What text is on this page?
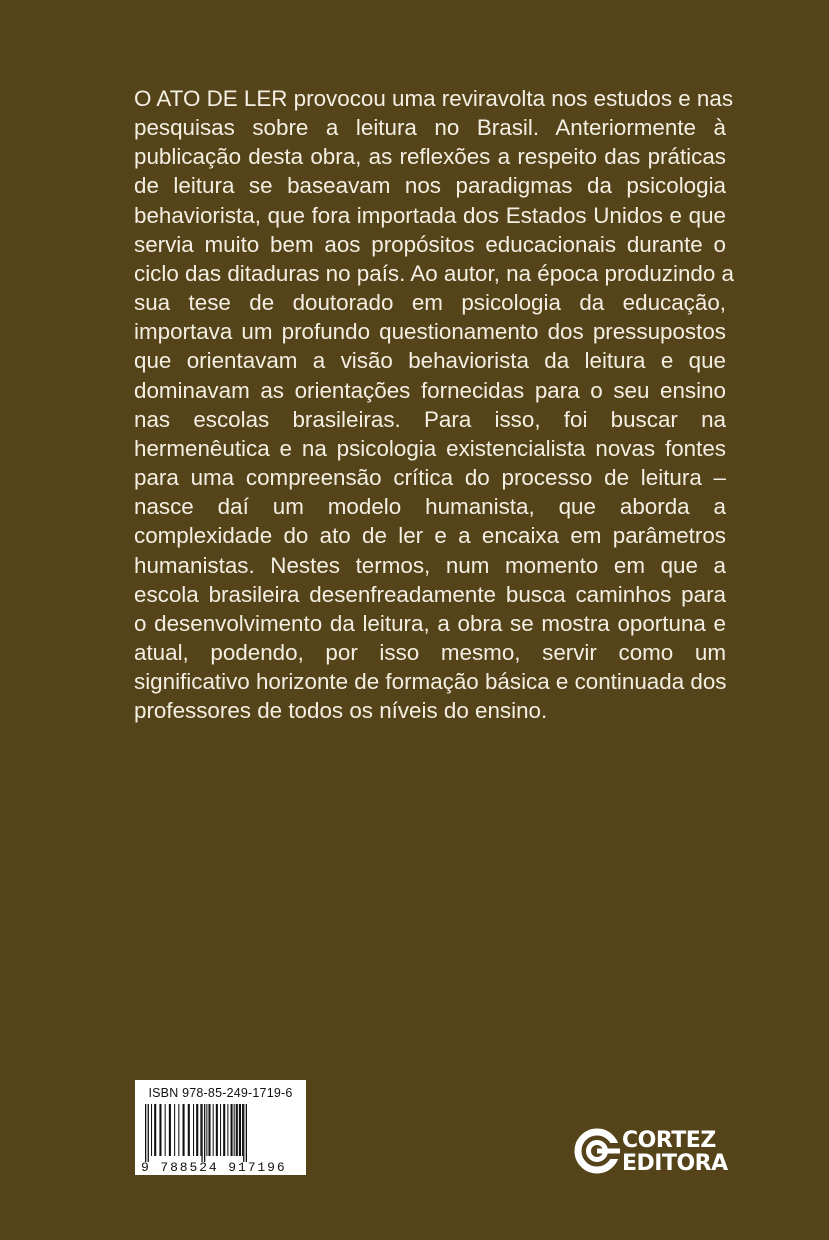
O ATO DE LER provocou uma reviravolta nos estudos e nas
pesquisas sobre a leitura no Brasil. Anteriormente à
publicação desta obra, as reflexões a respeito das práticas
de leitura se baseavam nos paradigmas da psicologia
behaviorista, que fora importada dos Estados Unidos e que
servia muito bem aos propósitos educacionais durante o
ciclo das ditaduras no país. Ao autor, na época produzindo a
sua tese de doutorado em psicologia da educação,
importava um profundo questionamento dos pressupostos
que orientavam a visão behaviorista da leitura e que
dominavam as orientações fornecidas para o seu ensino
nas escolas brasileiras. Para isso, foi buscar na
hermenêutica e na psicologia existencialista novas fontes
para uma compreensão crítica do processo de leitura –
nasce daí um modelo humanista, que aborda a
complexidade do ato de ler e a encaixa em parâmetros
humanistas. Nestes termos, num momento em que a
escola brasileira desenfreadamente busca caminhos para
o desenvolvimento da leitura, a obra se mostra oportuna e
atual, podendo, por isso mesmo, servir como um
significativo horizonte de formação básica e continuada dos
professores de todos os níveis do ensino.

ISBN 978-85-249-1719-6
9 788524 917196
CORTEZ
EDITORA
